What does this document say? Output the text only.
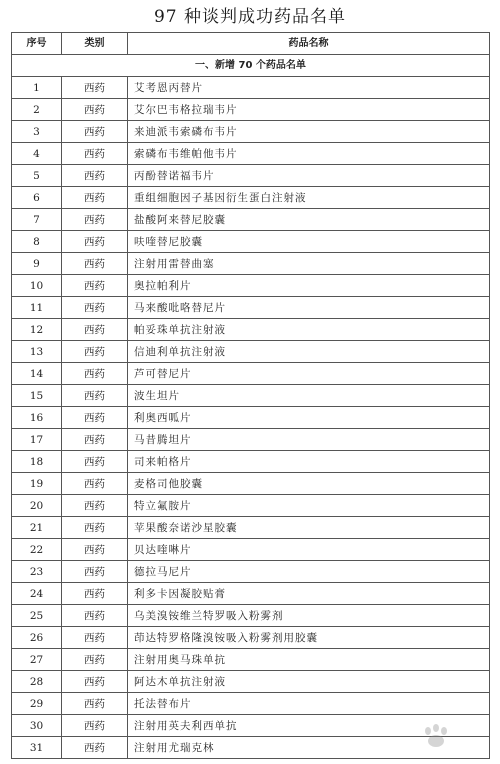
97 种谈判成功药品名单
序号	类别	药品名称
一、新增 70 个药品名单		
1	西药	艾考恩丙替片
2	西药	艾尔巴韦格拉瑞韦片
3	西药	来迪派韦索磷布韦片
4	西药	索磷布韦维帕他韦片
5	西药	丙酚替诺福韦片
6	西药	重组细胞因子基因衍生蛋白注射液
7	西药	盐酸阿来替尼胶囊
8	西药	呋喹替尼胶囊
9	西药	注射用雷替曲塞
10	西药	奥拉帕利片
11	西药	马来酸吡咯替尼片
12	西药	帕妥珠单抗注射液
13	西药	信迪利单抗注射液
14	西药	芦可替尼片
15	西药	波生坦片
16	西药	利奥西呱片
17	西药	马昔腾坦片
18	西药	司来帕格片
19	西药	麦格司他胶囊
20	西药	特立氟胺片
21	西药	苹果酸奈诺沙星胶囊
22	西药	贝达喹啉片
23	西药	德拉马尼片
24	西药	利多卡因凝胶贴膏
25	西药	乌美溴铵维兰特罗吸入粉雾剂
26	西药	茚达特罗格隆溴铵吸入粉雾剂用胶囊
27	西药	注射用奥马珠单抗
28	西药	阿达木单抗注射液
29	西药	托法替布片
30	西药	注射用英夫利西单抗
31	西药	注射用尤瑞克林
